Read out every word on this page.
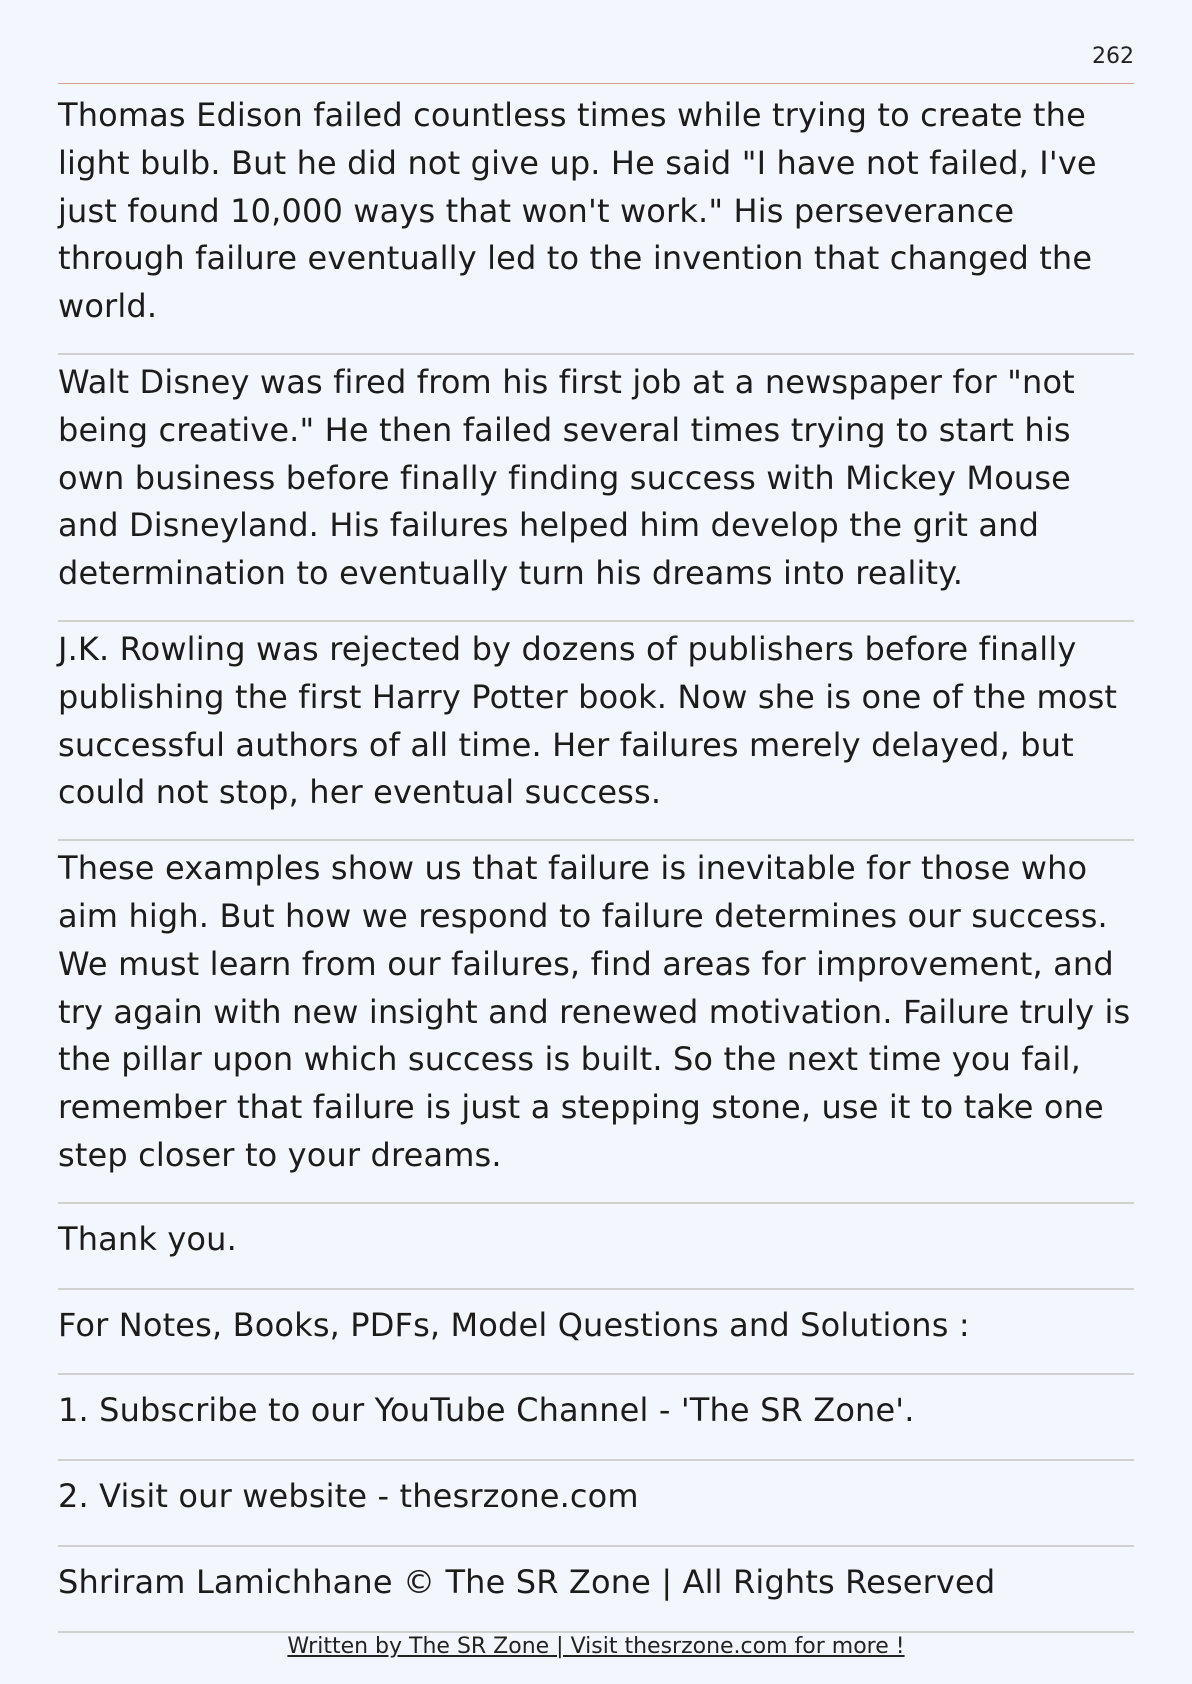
262
Thomas Edison failed countless times while trying to create the light bulb. But he did not give up. He said "I have not failed, I've just found 10,000 ways that won't work." His perseverance through failure eventually led to the invention that changed the world.
Walt Disney was fired from his first job at a newspaper for "not being creative." He then failed several times trying to start his own business before finally finding success with Mickey Mouse and Disneyland. His failures helped him develop the grit and determination to eventually turn his dreams into reality.
J.K. Rowling was rejected by dozens of publishers before finally publishing the first Harry Potter book. Now she is one of the most successful authors of all time. Her failures merely delayed, but could not stop, her eventual success.
These examples show us that failure is inevitable for those who aim high. But how we respond to failure determines our success. We must learn from our failures, find areas for improvement, and try again with new insight and renewed motivation. Failure truly is the pillar upon which success is built. So the next time you fail, remember that failure is just a stepping stone, use it to take one step closer to your dreams.
Thank you.
For Notes, Books, PDFs, Model Questions and Solutions :
1. Subscribe to our YouTube Channel - 'The SR Zone'.
2. Visit our website - thesrzone.com
Shriram Lamichhane © The SR Zone | All Rights Reserved
Written by The SR Zone | Visit thesrzone.com for more !
